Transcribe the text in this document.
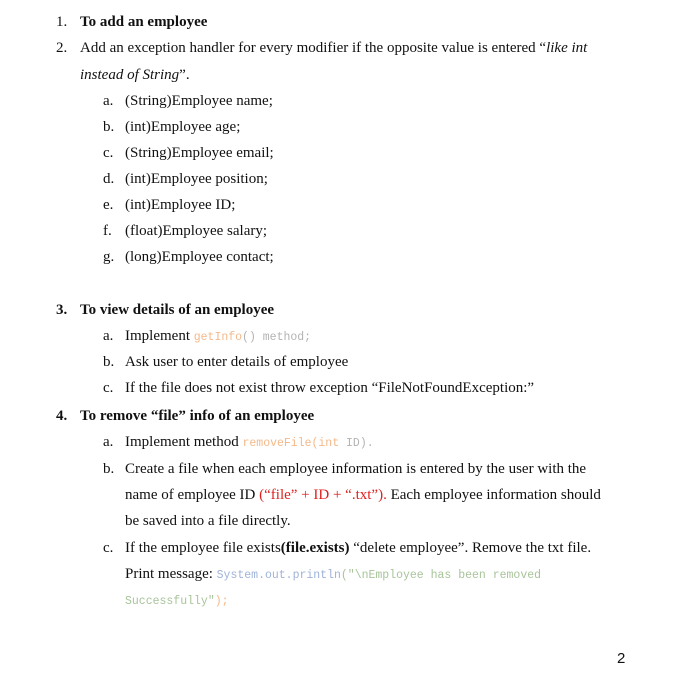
1. To add an employee
2. Add an exception handler for every modifier if the opposite value is entered “like int
instead of String”.
a. (String)Employee name;
b. (int)Employee age;
c. (String)Employee email;
d. (int)Employee position;
e. (int)Employee ID;
f. (float)Employee salary;
g. (long)Employee contact;
3. To view details of an employee
a. Implement getInfo() method;
b. Ask user to enter details of employee
c. If the file does not exist throw exception “FileNotFoundException:”
4. To remove “file” info of an employee
a. Implement method removeFile(int ID).
b. Create a file when each employee information is entered by the user with the
name of employee ID (“file” + ID + “.txt”). Each employee information should
be saved into a file directly.
c. If the employee file exists(file.exists) “delete employee”. Remove the txt file.
Print message: System.out.println("\nEmployee has been removed
Successfully");
2
